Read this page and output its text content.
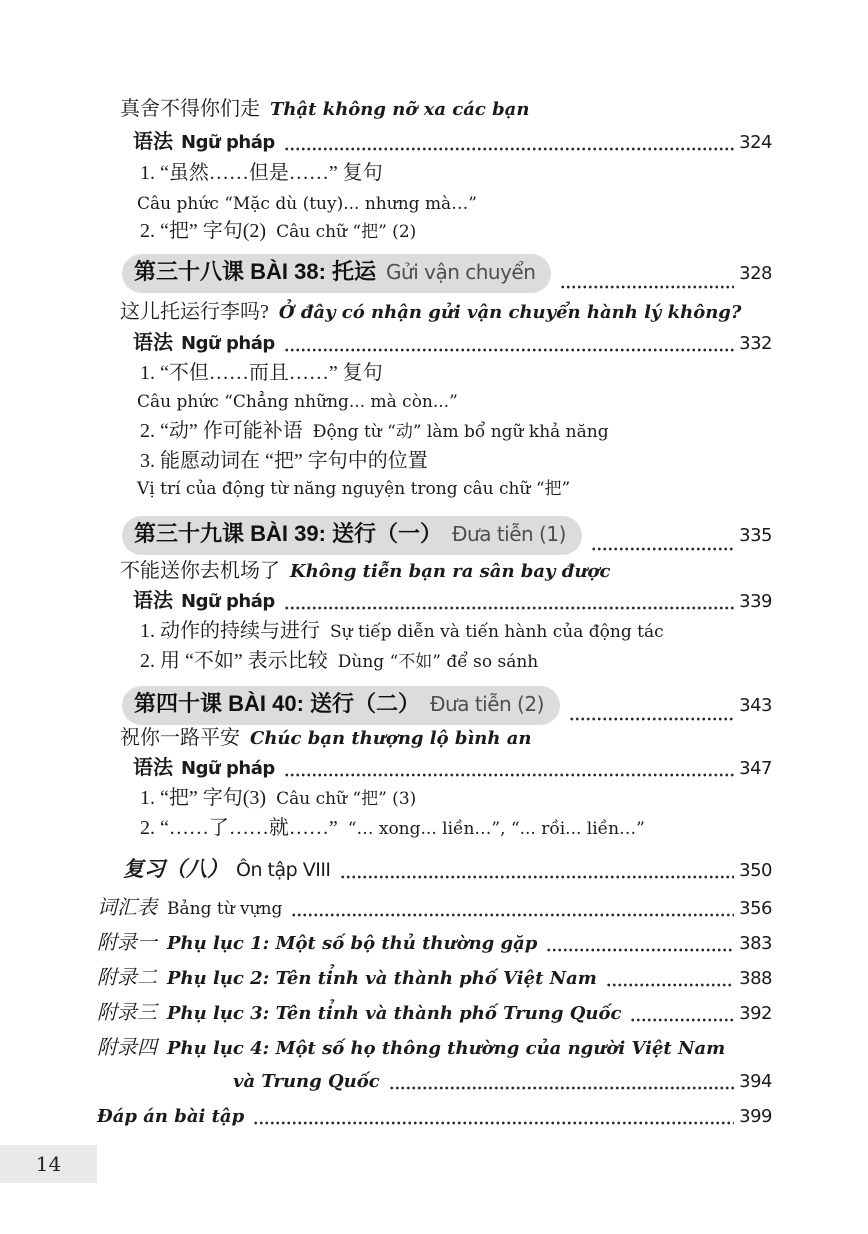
真舍不得你们走 Thật không nỡ xa các bạn
语法 Ngữ pháp	324
1. “虽然……但是……” 复句
Câu phức “Mặc dù (tuy)... nhưng mà…”
2. “把” 字句(2) Câu chữ “把” (2)
第三十八课 BÀI 38: 托运 Gửi vận chuyển	328
这儿托运行李吗? Ở đây có nhận gửi vận chuyển hành lý không?
语法 Ngữ pháp	332
1. “不但……而且……” 复句
Câu phức “Chẳng những... mà còn...”
2. “动” 作可能补语 Động từ “动” làm bổ ngữ khả năng
3. 能愿动词在 “把” 字句中的位置
Vị trí của động từ năng nguyện trong câu chữ “把”
第三十九课 BÀI 39: 送行（一） Đưa tiễn (1)	335
不能送你去机场了 Không tiễn bạn ra sân bay được
语法 Ngữ pháp	339
1. 动作的持续与进行 Sự tiếp diễn và tiến hành của động tác
2. 用 “不如” 表示比较 Dùng “不如” để so sánh
第四十课 BÀI 40: 送行（二） Đưa tiễn (2)	343
祝你一路平安 Chúc bạn thượng lộ bình an
语法 Ngữ pháp	347
1. “把” 字句(3) Câu chữ “把” (3)
2. “……了……就……” “… xong... liền…”, “... rồi... liền…”
复习（八） Ôn tập VIII	350
词汇表 Bảng từ vựng	356
附录一 Phụ lục 1: Một số bộ thủ thường gặp	383
附录二 Phụ lục 2: Tên tỉnh và thành phố Việt Nam	388
附录三 Phụ lục 3: Tên tỉnh và thành phố Trung Quốc	392
附录四 Phụ lục 4: Một số họ thông thường của người Việt Nam
và Trung Quốc	394
Đáp án bài tập	399
14
